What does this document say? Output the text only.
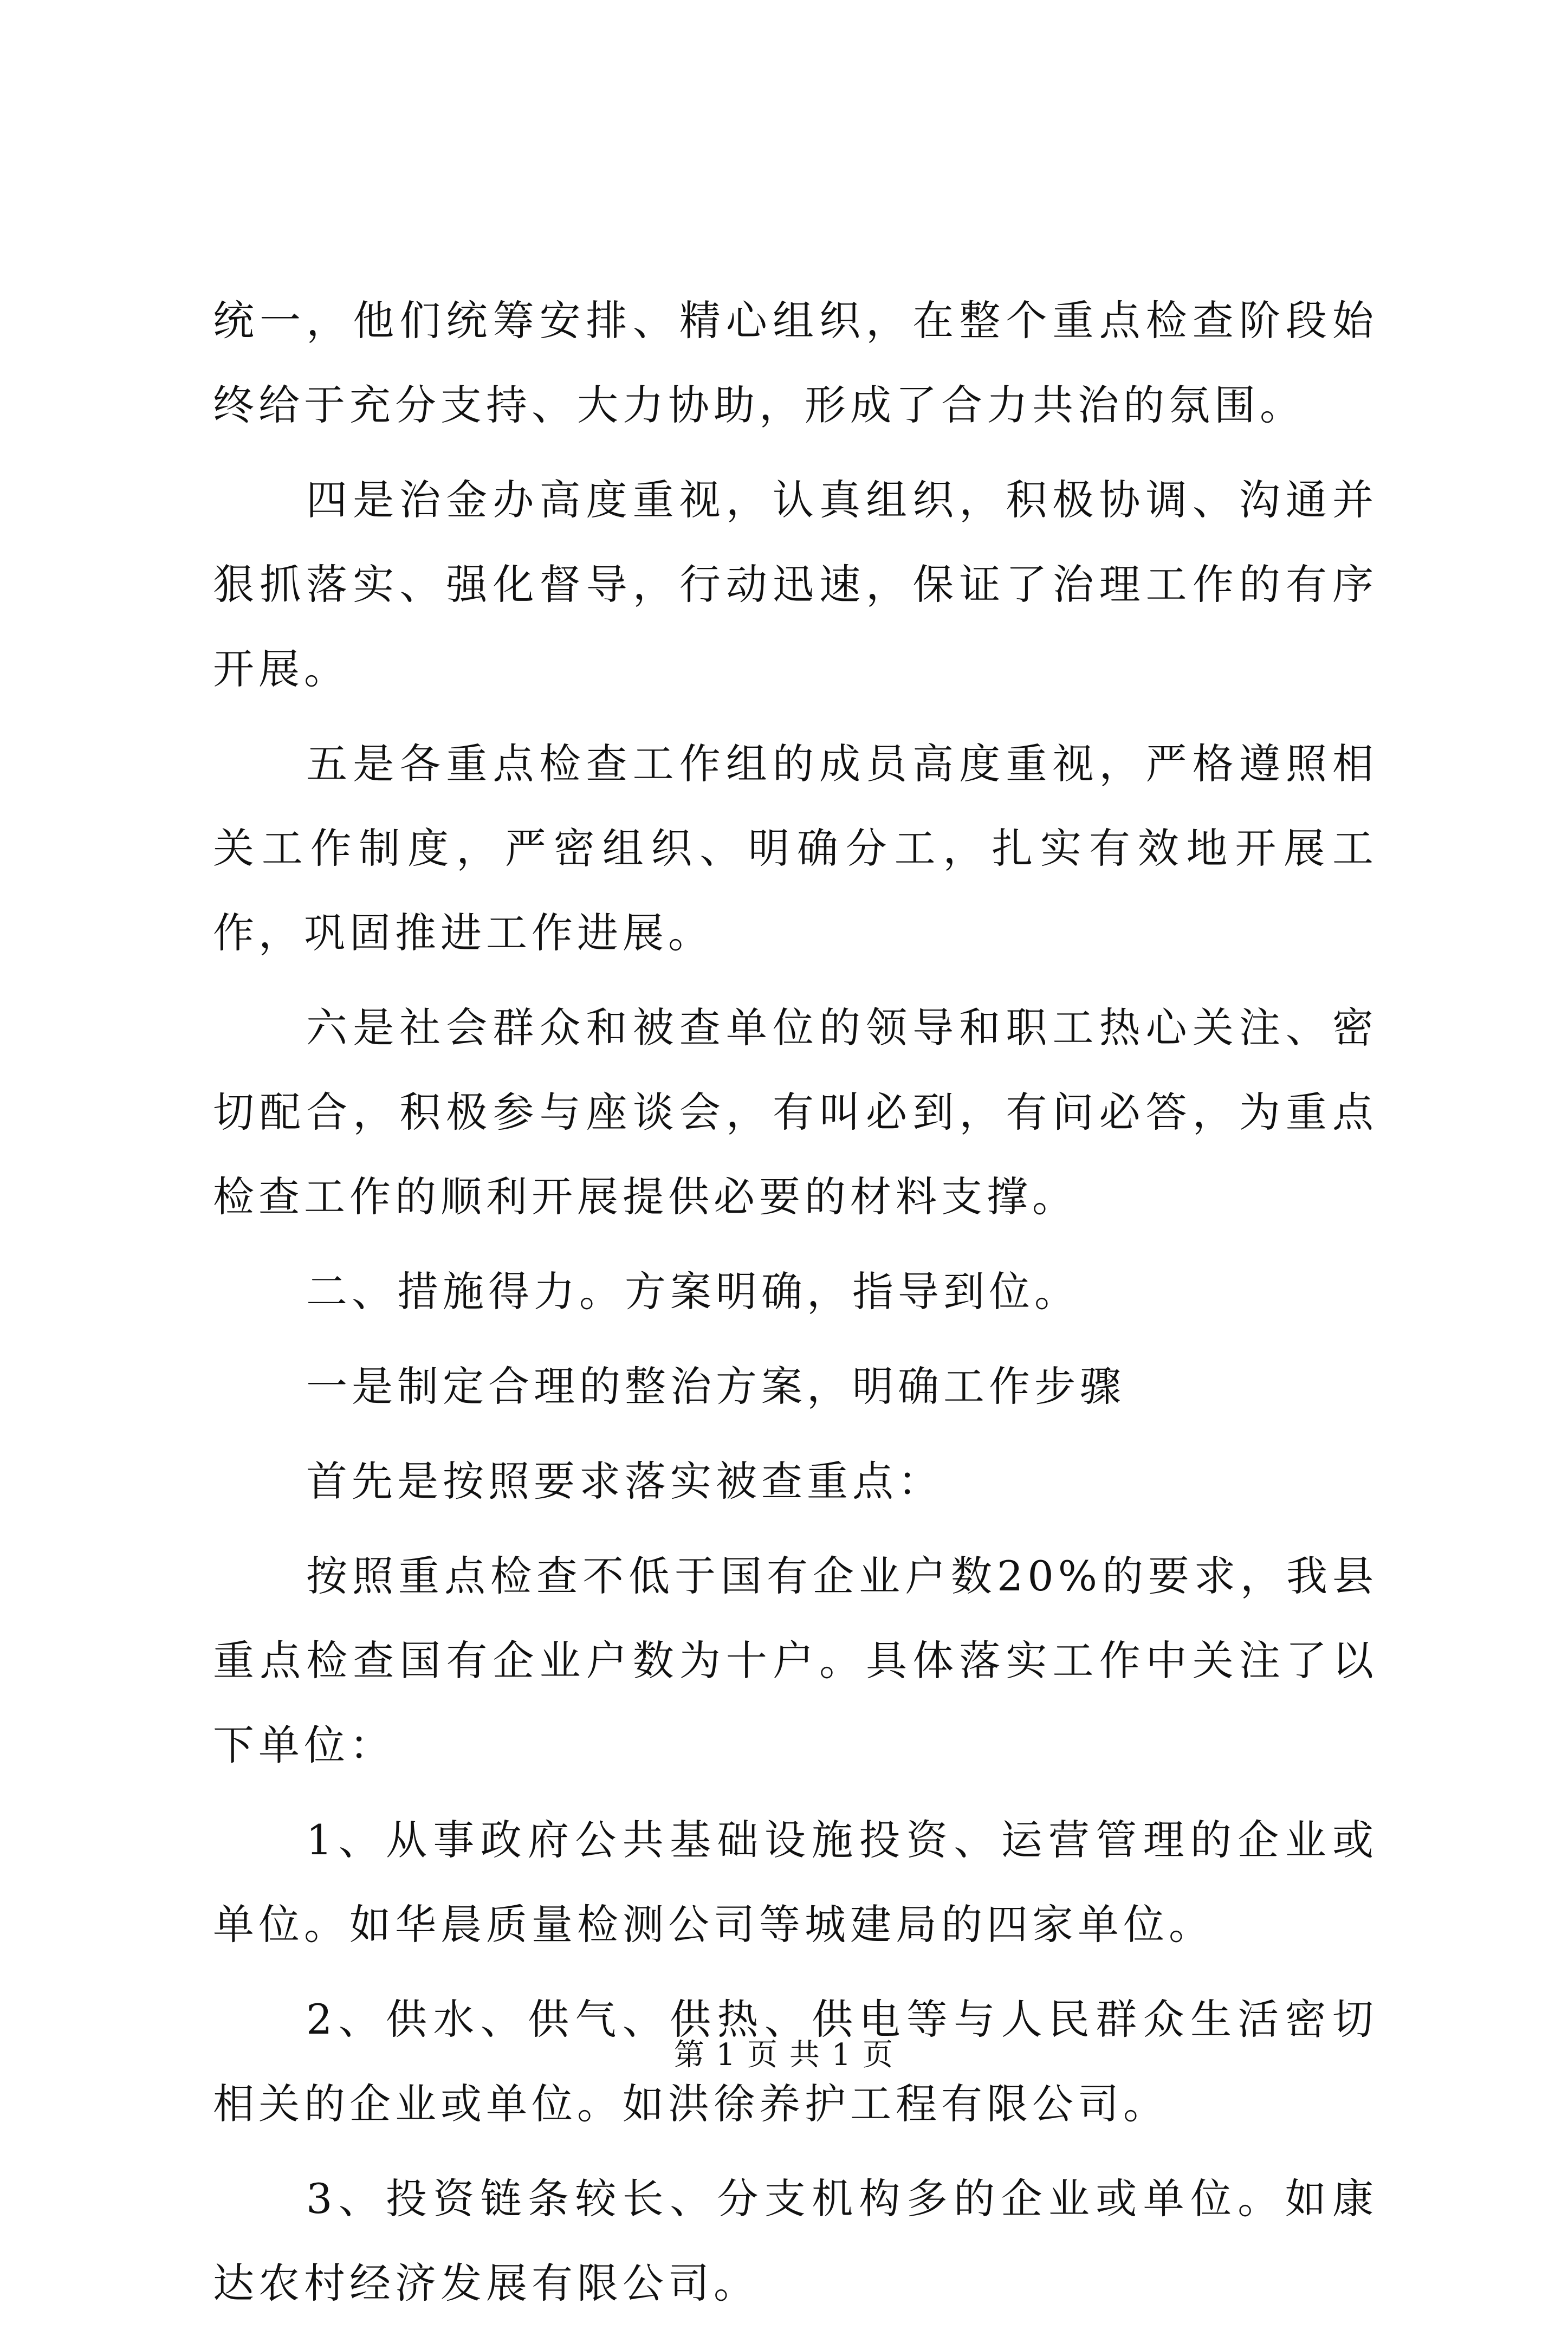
统一，他们统筹安排、精心组织，在整个重点检查阶段始终给于充分支持、大力协助，形成了合力共治的氛围。

四是治金办高度重视，认真组织，积极协调、沟通并狠抓落实、强化督导，行动迅速，保证了治理工作的有序开展。

五是各重点检查工作组的成员高度重视，严格遵照相关工作制度，严密组织、明确分工，扎实有效地开展工作，巩固推进工作进展。

六是社会群众和被查单位的领导和职工热心关注、密切配合，积极参与座谈会，有叫必到，有问必答，为重点检查工作的顺利开展提供必要的材料支撑。

二、措施得力。方案明确，指导到位。

一是制定合理的整治方案，明确工作步骤

首先是按照要求落实被查重点：

按照重点检查不低于国有企业户数20%的要求，我县重点检查国有企业户数为十户。具体落实工作中关注了以下单位：

1、从事政府公共基础设施投资、运营管理的企业或单位。如华晨质量检测公司等城建局的四家单位。

2、供水、供气、供热、供电等与人民群众生活密切相关的企业或单位。如洪徐养护工程有限公司。

3、投资链条较长、分支机构多的企业或单位。如康达农村经济发展有限公司。

第 1 页 共 1 页
